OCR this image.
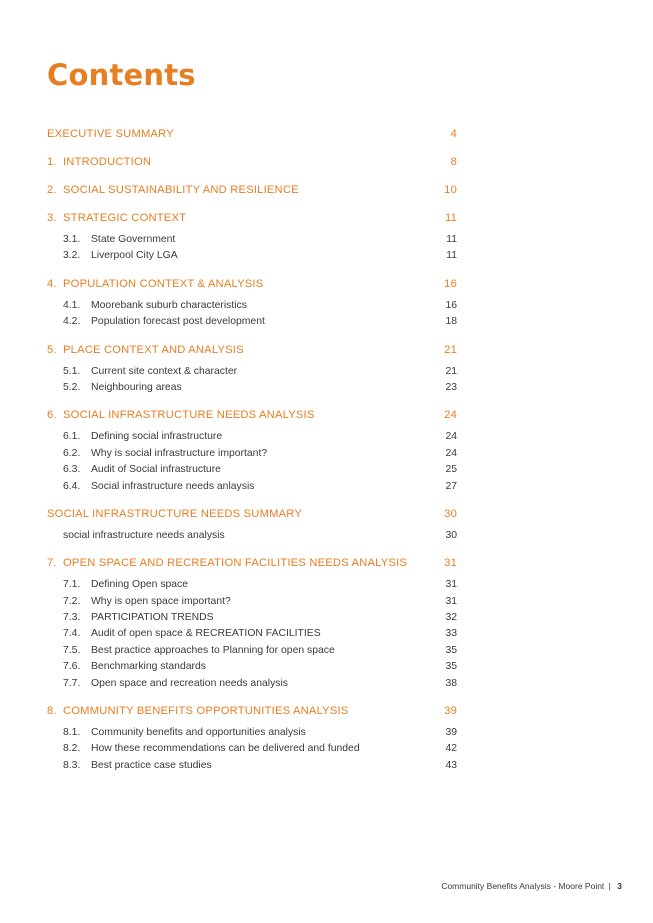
Contents
EXECUTIVE SUMMARY	4
1. INTRODUCTION	8
2. SOCIAL SUSTAINABILITY AND RESILIENCE	10
3. STRATEGIC CONTEXT	11
3.1.	State Government	11
3.2.	Liverpool City LGA	11
4. POPULATION CONTEXT & ANALYSIS	16
4.1.	Moorebank suburb characteristics	16
4.2.	Population forecast post development	18
5. PLACE CONTEXT AND ANALYSIS	21
5.1.	Current site context & character	21
5.2.	Neighbouring areas	23
6. SOCIAL INFRASTRUCTURE NEEDS ANALYSIS	24
6.1.	Defining social infrastructure	24
6.2.	Why is social infrastructure important?	24
6.3.	Audit of Social infrastructure	25
6.4.	Social infrastructure needs anlaysis	27
SOCIAL INFRASTRUCTURE NEEDS SUMMARY	30
social infrastructure needs analysis	30
7. OPEN SPACE AND RECREATION FACILITIES NEEDS ANALYSIS	31
7.1.	Defining Open space	31
7.2.	Why is open space important?	31
7.3.	PARTICIPATION TRENDS	32
7.4.	Audit of open space & RECREATION FACILITIES	33
7.5.	Best practice approaches to Planning for open space	35
7.6.	Benchmarking standards	35
7.7.	Open space and recreation needs analysis	38
8. COMMUNITY BENEFITS OPPORTUNITIES ANALYSIS	39
8.1.	Community benefits and opportunities analysis	39
8.2.	How these recommendations can be delivered and funded	42
8.3.	Best practice case studies	43
Community Benefits Analysis - Moore Point | 3
